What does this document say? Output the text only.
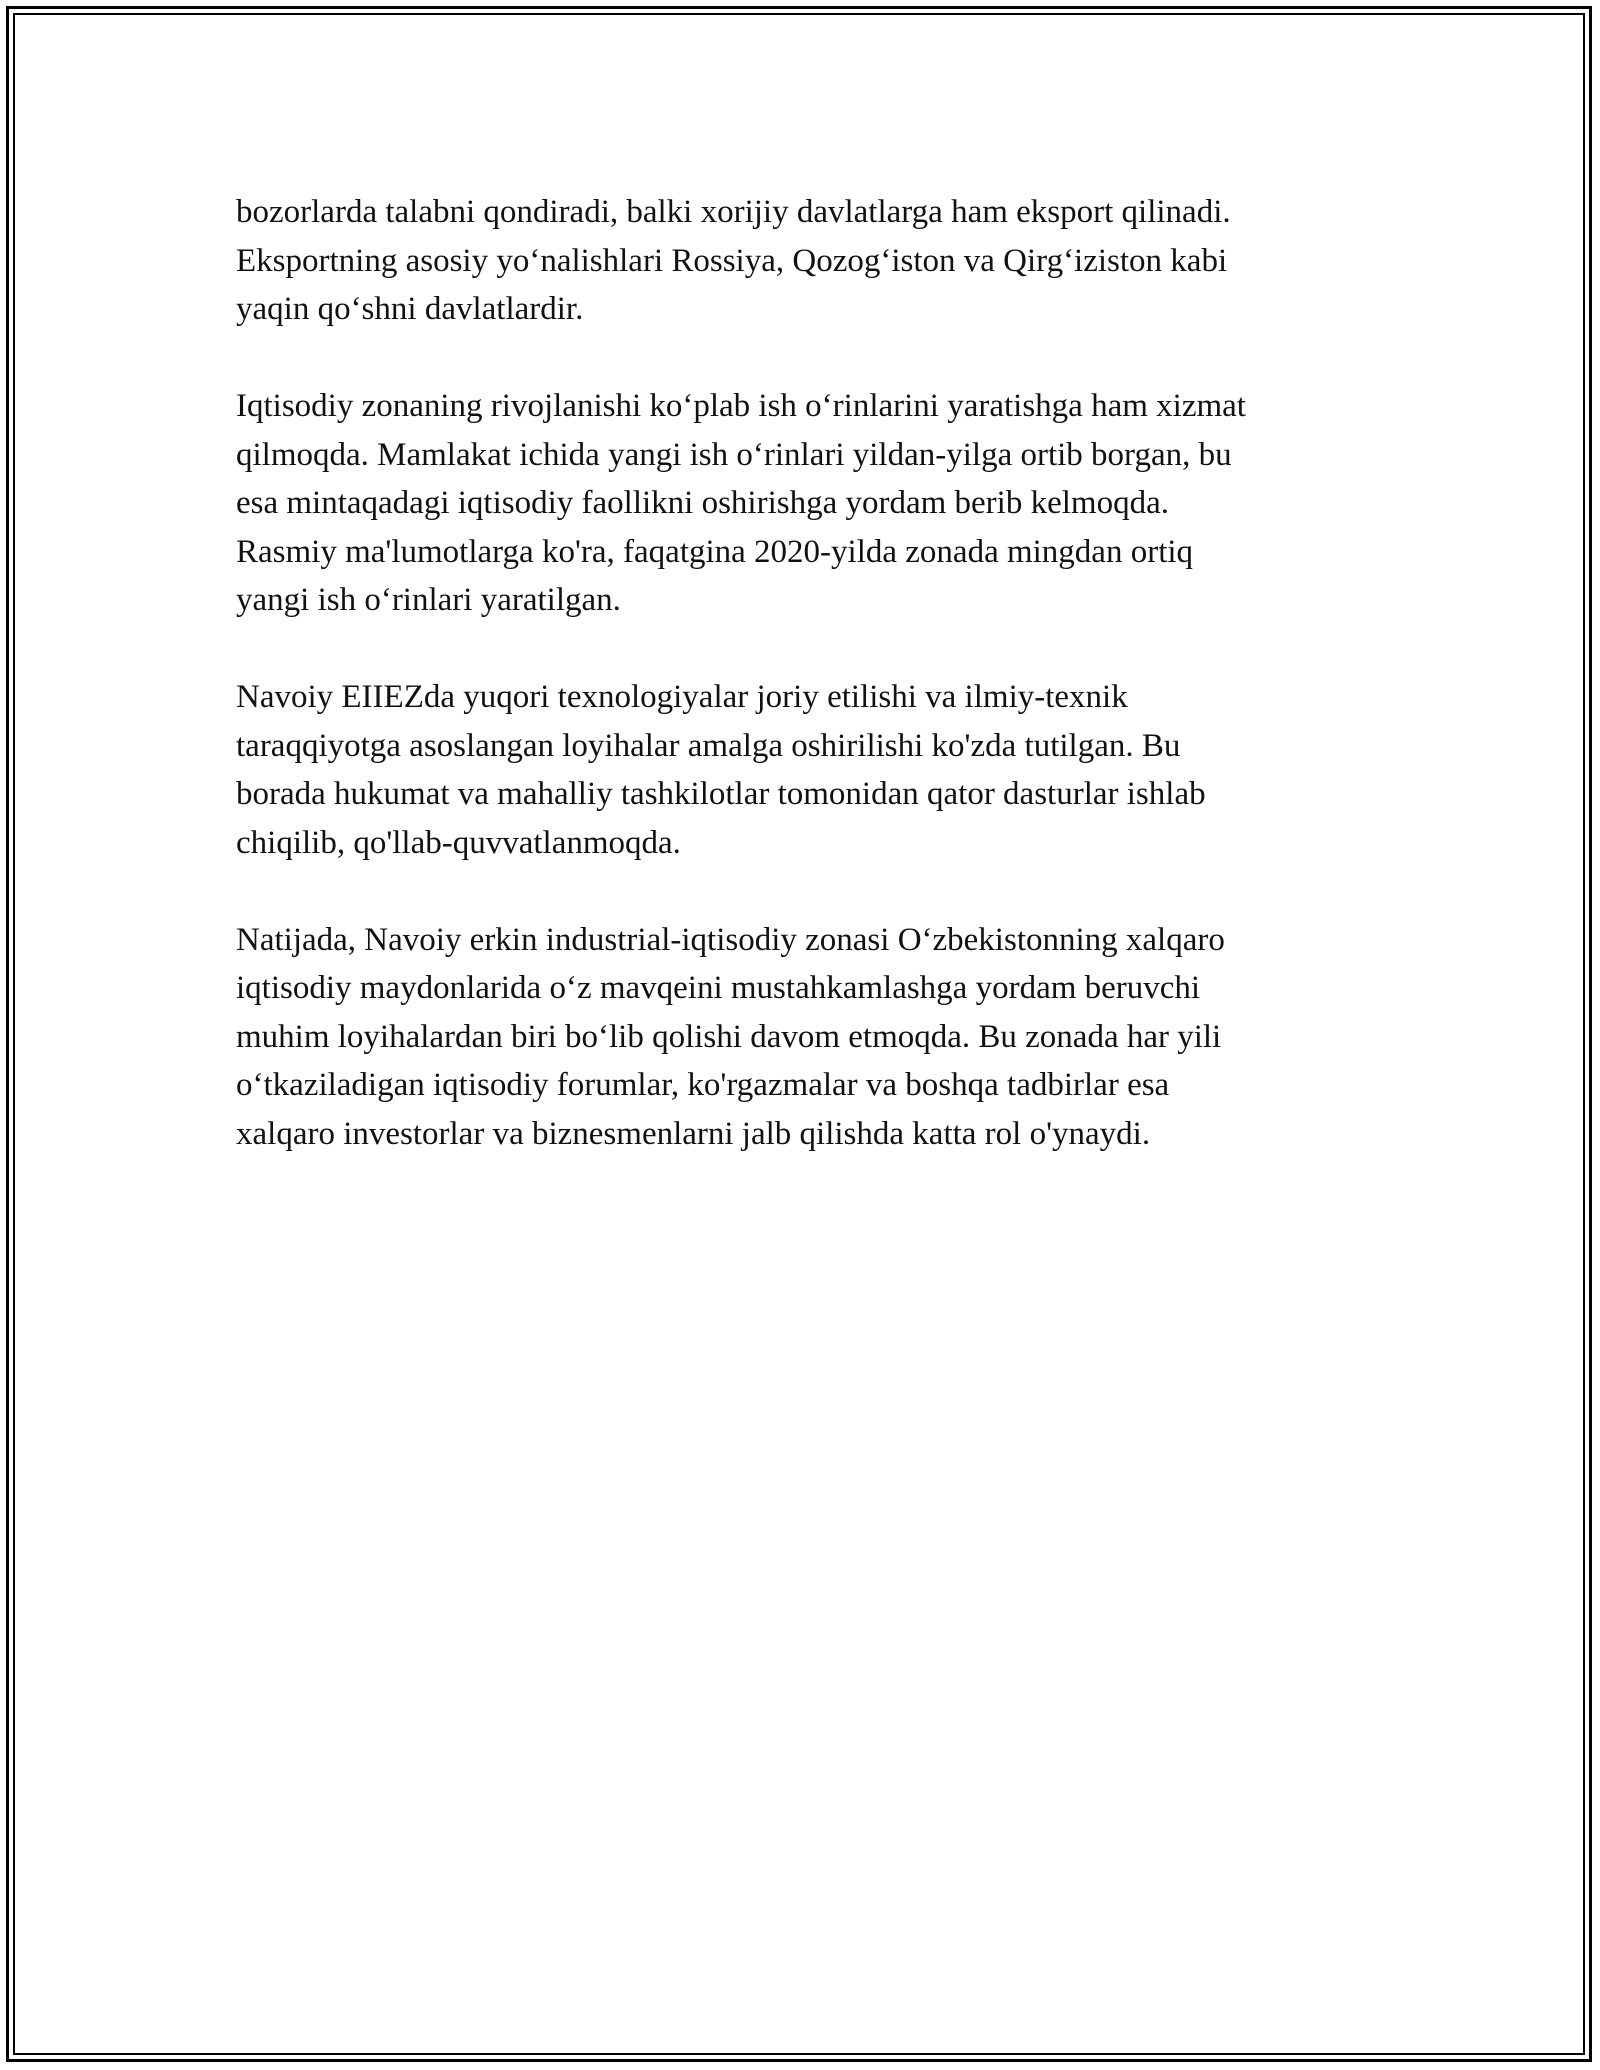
bozorlarda talabni qondiradi, balki xorijiy davlatlarga ham eksport qilinadi.
Eksportning asosiy yo‘nalishlari Rossiya, Qozog‘iston va Qirg‘iziston kabi
yaqin qo‘shni davlatlardir.

Iqtisodiy zonaning rivojlanishi ko‘plab ish o‘rinlarini yaratishga ham xizmat
qilmoqda. Mamlakat ichida yangi ish o‘rinlari yildan-yilga ortib borgan, bu
esa mintaqadagi iqtisodiy faollikni oshirishga yordam berib kelmoqda.
Rasmiy ma'lumotlarga ko'ra, faqatgina 2020-yilda zonada mingdan ortiq
yangi ish o‘rinlari yaratilgan.

Navoiy EIIEZda yuqori texnologiyalar joriy etilishi va ilmiy-texnik
taraqqiyotga asoslangan loyihalar amalga oshirilishi ko'zda tutilgan. Bu
borada hukumat va mahalliy tashkilotlar tomonidan qator dasturlar ishlab
chiqilib, qo'llab-quvvatlanmoqda.

Natijada, Navoiy erkin industrial-iqtisodiy zonasi O‘zbekistonning xalqaro
iqtisodiy maydonlarida o‘z mavqeini mustahkamlashga yordam beruvchi
muhim loyihalardan biri bo‘lib qolishi davom etmoqda. Bu zonada har yili
o‘tkaziladigan iqtisodiy forumlar, ko'rgazmalar va boshqa tadbirlar esa
xalqaro investorlar va biznesmenlarni jalb qilishda katta rol o'ynaydi.
